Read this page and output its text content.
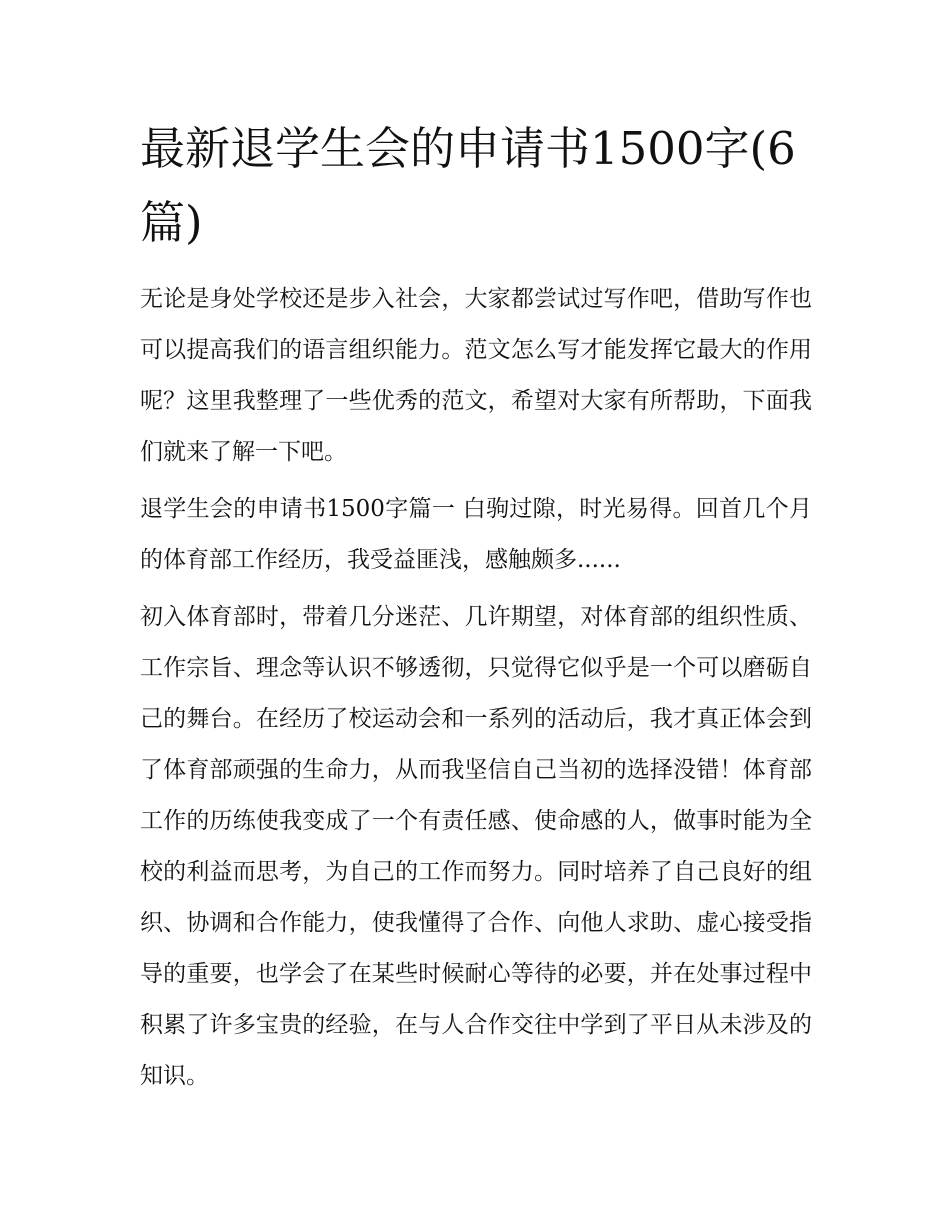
最新退学生会的申请书1500字(6篇)

无论是身处学校还是步入社会，大家都尝试过写作吧，借助写作也可以提高我们的语言组织能力。范文怎么写才能发挥它最大的作用呢？这里我整理了一些优秀的范文，希望对大家有所帮助，下面我们就来了解一下吧。

退学生会的申请书1500字篇一 白驹过隙，时光易得。回首几个月的体育部工作经历，我受益匪浅，感触颇多......

初入体育部时，带着几分迷茫、几许期望，对体育部的组织性质、工作宗旨、理念等认识不够透彻，只觉得它似乎是一个可以磨砺自己的舞台。在经历了校运动会和一系列的活动后，我才真正体会到了体育部顽强的生命力，从而我坚信自己当初的选择没错！体育部工作的历练使我变成了一个有责任感、使命感的人，做事时能为全校的利益而思考，为自己的工作而努力。同时培养了自己良好的组织、协调和合作能力，使我懂得了合作、向他人求助、虚心接受指导的重要，也学会了在某些时候耐心等待的必要，并在处事过程中积累了许多宝贵的经验，在与人合作交往中学到了平日从未涉及的知识。
